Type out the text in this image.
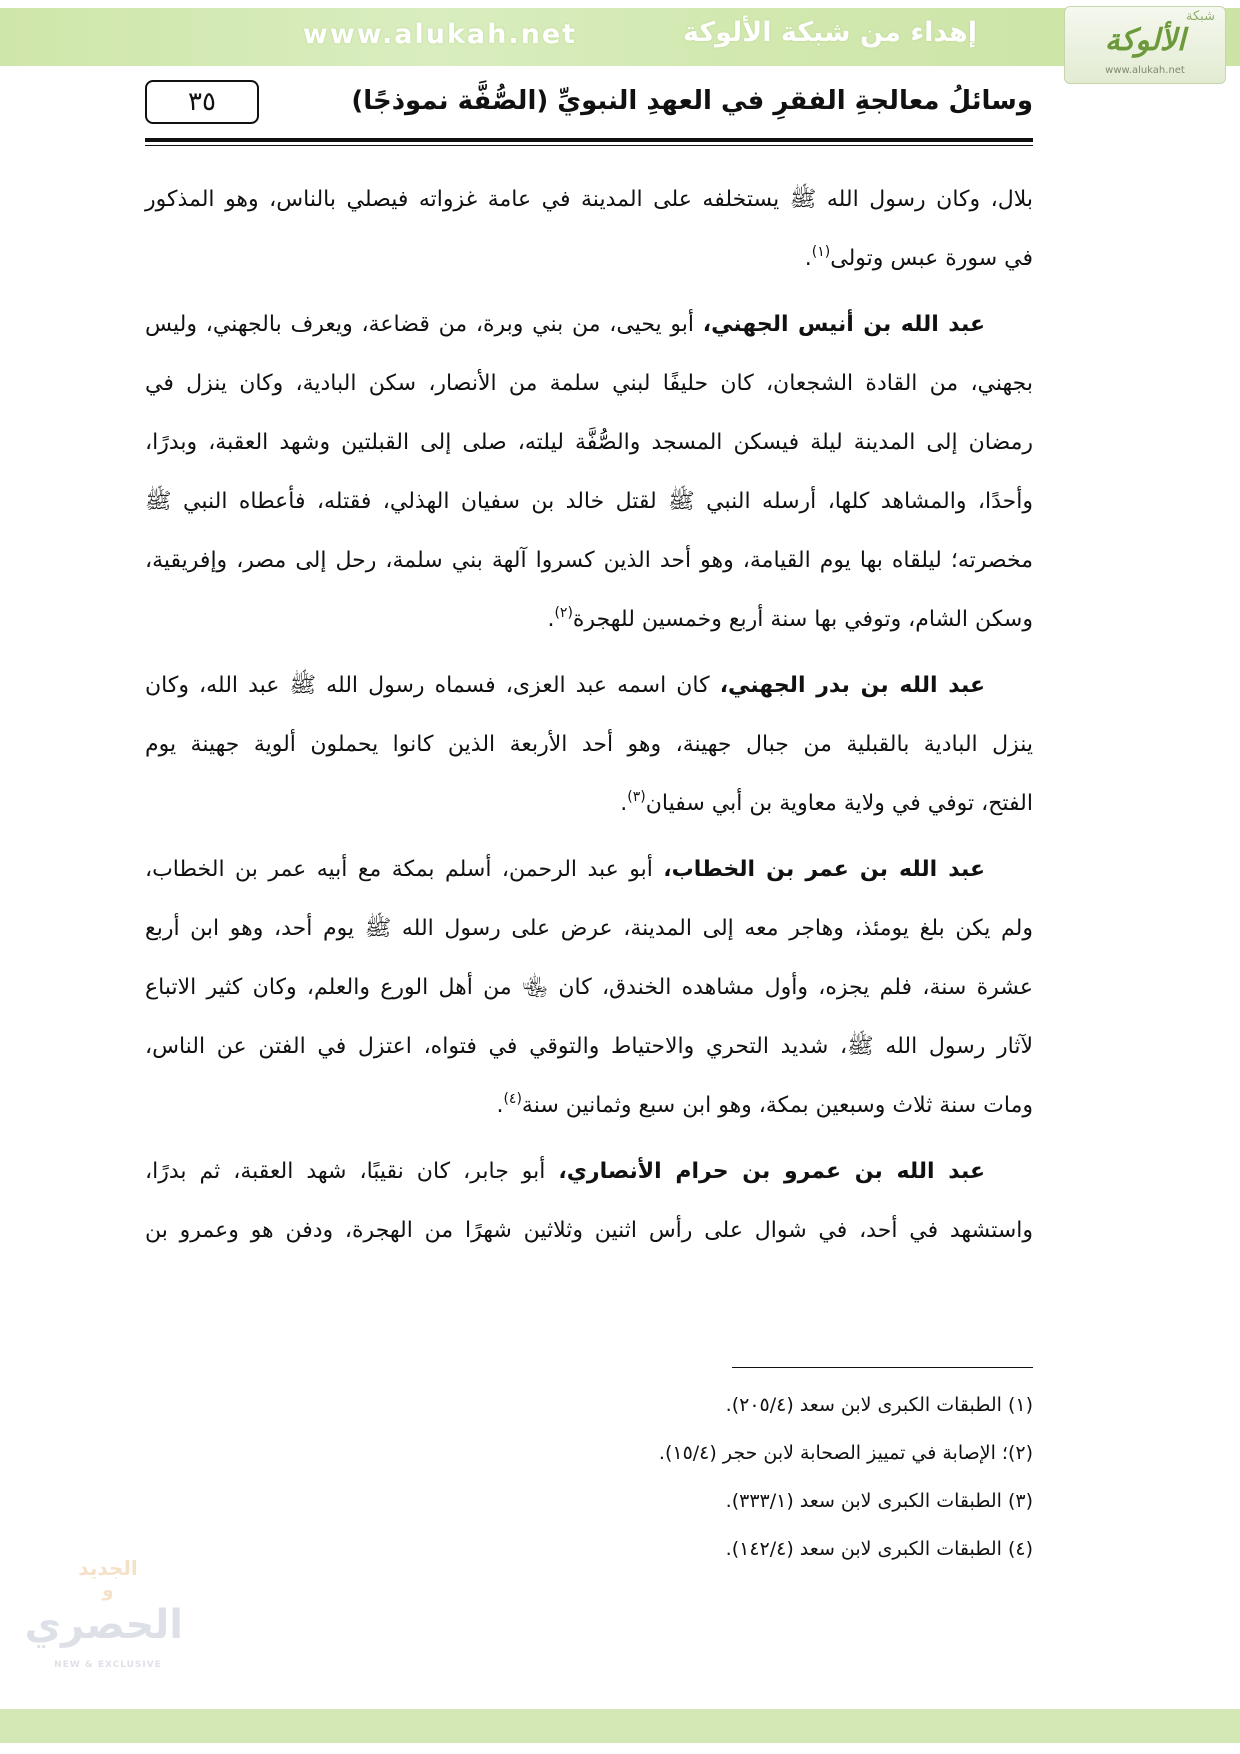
www.alukah.net	إهداء من شبكة الألوكة
شبكة
الألوكة
www.alukah.net
٣٥	وسائلُ معالجةِ الفقرِ في العهدِ النبويِّ (الصُّفَّة نموذجًا)
بلال، وكان رسول الله ﷺ يستخلفه على المدينة في عامة غزواته فيصلي بالناس، وهو المذكور
في سورة عبس وتولى$^{(١)}$.
عبد الله بن أنيس الجهني، أبو يحيى، من بني وبرة، من قضاعة، ويعرف بالجهني، وليس
بجهني، من القادة الشجعان، كان حليفًا لبني سلمة من الأنصار، سكن البادية، وكان ينزل في
رمضان إلى المدينة ليلة فيسكن المسجد والصُّفَّة ليلته، صلى إلى القبلتين وشهد العقبة، وبدرًا،
وأحدًا، والمشاهد كلها، أرسله النبي ﷺ لقتل خالد بن سفيان الهذلي، فقتله، فأعطاه النبي ﷺ
مخصرته؛ ليلقاه بها يوم القيامة، وهو أحد الذين كسروا آلهة بني سلمة، رحل إلى مصر، وإفريقية،
وسكن الشام، وتوفي بها سنة أربع وخمسين للهجرة$^{(٢)}$.
عبد الله بن بدر الجهني، كان اسمه عبد العزى، فسماه رسول الله ﷺ عبد الله، وكان
ينزل البادية بالقبلية من جبال جهينة، وهو أحد الأربعة الذين كانوا يحملون ألوية جهينة يوم
الفتح، توفي في ولاية معاوية بن أبي سفيان$^{(٣)}$.
عبد الله بن عمر بن الخطاب، أبو عبد الرحمن، أسلم بمكة مع أبيه عمر بن الخطاب،
ولم يكن بلغ يومئذ، وهاجر معه إلى المدينة، عرض على رسول الله ﷺ يوم أحد، وهو ابن أربع
عشرة سنة، فلم يجزه، وأول مشاهده الخندق، كان ﵄ من أهل الورع والعلم، وكان كثير الاتباع
لآثار رسول الله ﷺ، شديد التحري والاحتياط والتوقي في فتواه، اعتزل في الفتن عن الناس،
ومات سنة ثلاث وسبعين بمكة، وهو ابن سبع وثمانين سنة$^{(٤)}$.
عبد الله بن عمرو بن حرام الأنصاري، أبو جابر، كان نقيبًا، شهد العقبة، ثم بدرًا،
واستشهد في أحد، في شوال على رأس اثنين وثلاثين شهرًا من الهجرة، ودفن هو وعمرو بن
(١) الطبقات الكبرى لابن سعد (٢٠٥/٤).
(٢)؛ الإصابة في تمييز الصحابة لابن حجر (١٥/٤).
(٣) الطبقات الكبرى لابن سعد (٣٣٣/١).
(٤) الطبقات الكبرى لابن سعد (١٤٢/٤).
الجديد
و
الحصري
NEW & EXCLUSIVE
